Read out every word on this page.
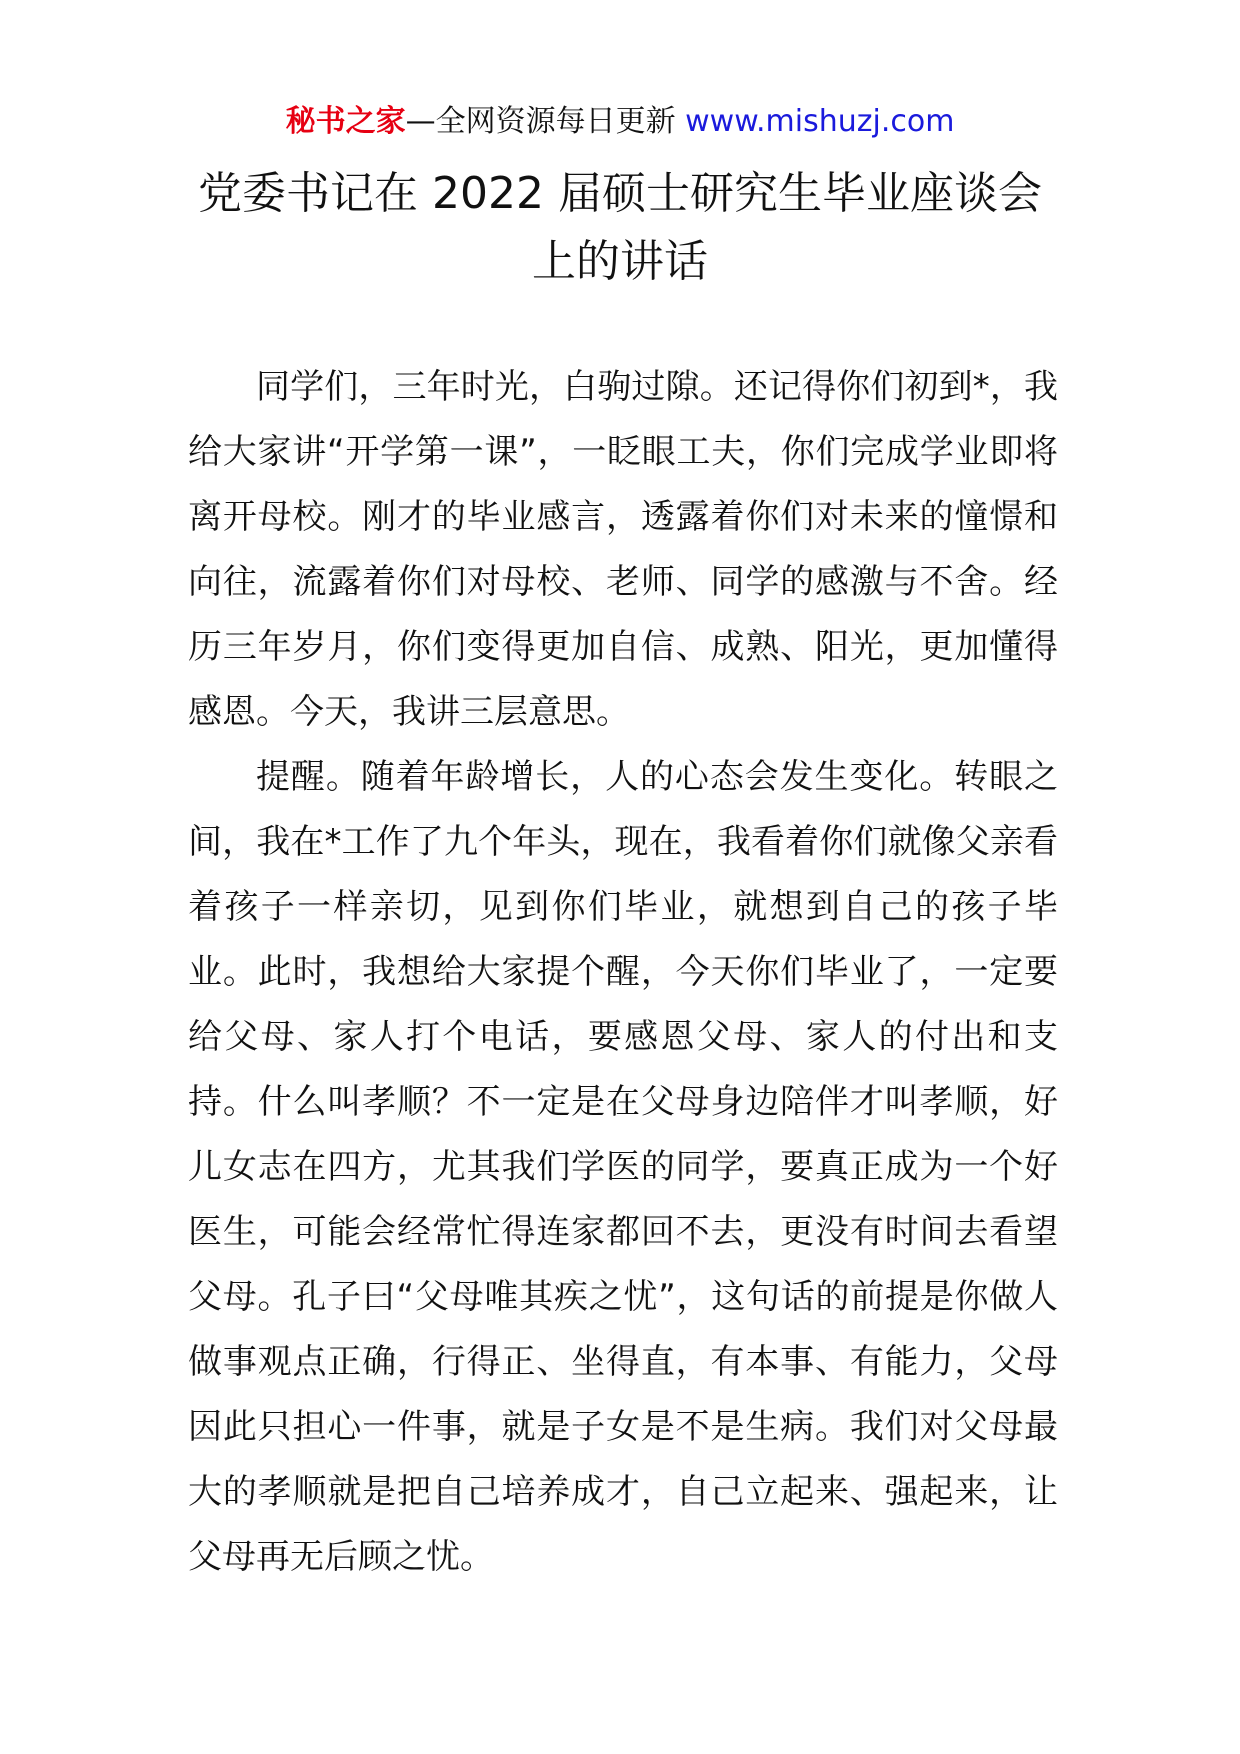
秘书之家—全网资源每日更新 www.mishuzj.com
党委书记在 2022 届硕士研究生毕业座谈会
上的讲话

同学们，三年时光，白驹过隙。还记得你们初到*，我给大家讲“开学第一课”，一眨眼工夫，你们完成学业即将离开母校。刚才的毕业感言，透露着你们对未来的憧憬和向往，流露着你们对母校、老师、同学的感激与不舍。经历三年岁月，你们变得更加自信、成熟、阳光，更加懂得感恩。今天，我讲三层意思。

提醒。随着年龄增长，人的心态会发生变化。转眼之间，我在*工作了九个年头，现在，我看着你们就像父亲看着孩子一样亲切，见到你们毕业，就想到自己的孩子毕业。此时，我想给大家提个醒，今天你们毕业了，一定要给父母、家人打个电话，要感恩父母、家人的付出和支持。什么叫孝顺？不一定是在父母身边陪伴才叫孝顺，好儿女志在四方，尤其我们学医的同学，要真正成为一个好医生，可能会经常忙得连家都回不去，更没有时间去看望父母。孔子曰“父母唯其疾之忧”，这句话的前提是你做人做事观点正确，行得正、坐得直，有本事、有能力，父母因此只担心一件事，就是子女是不是生病。我们对父母最大的孝顺就是把自己培养成才，自己立起来、强起来，让父母再无后顾之忧。
